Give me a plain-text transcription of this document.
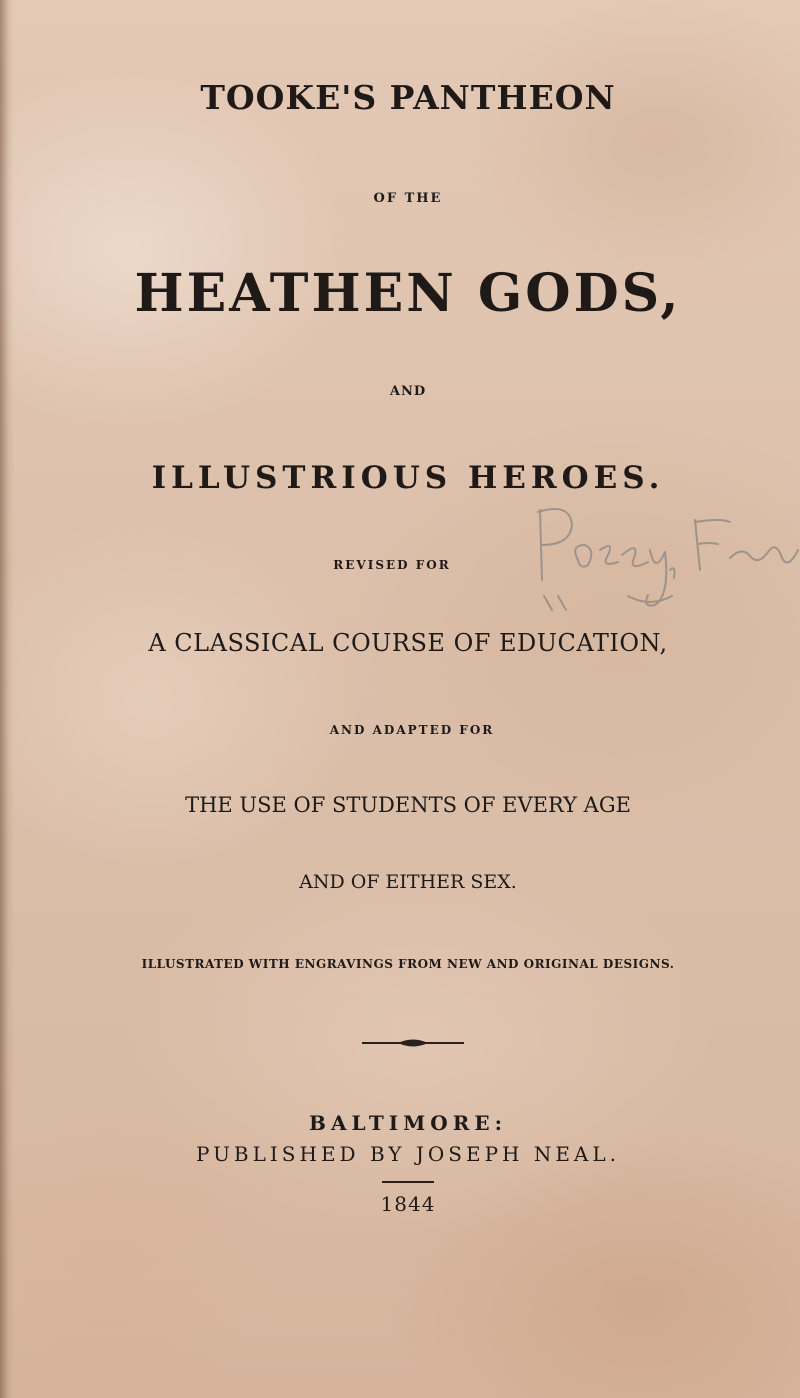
TOOKE'S PANTHEON

OF THE

HEATHEN GODS,

AND

ILLUSTRIOUS HEROES.

REVISED FOR

A CLASSICAL COURSE OF EDUCATION,

AND ADAPTED FOR

THE USE OF STUDENTS OF EVERY AGE

AND OF EITHER SEX.

ILLUSTRATED WITH ENGRAVINGS FROM NEW AND ORIGINAL DESIGNS.

BALTIMORE:

PUBLISHED BY JOSEPH NEAL.

1844
